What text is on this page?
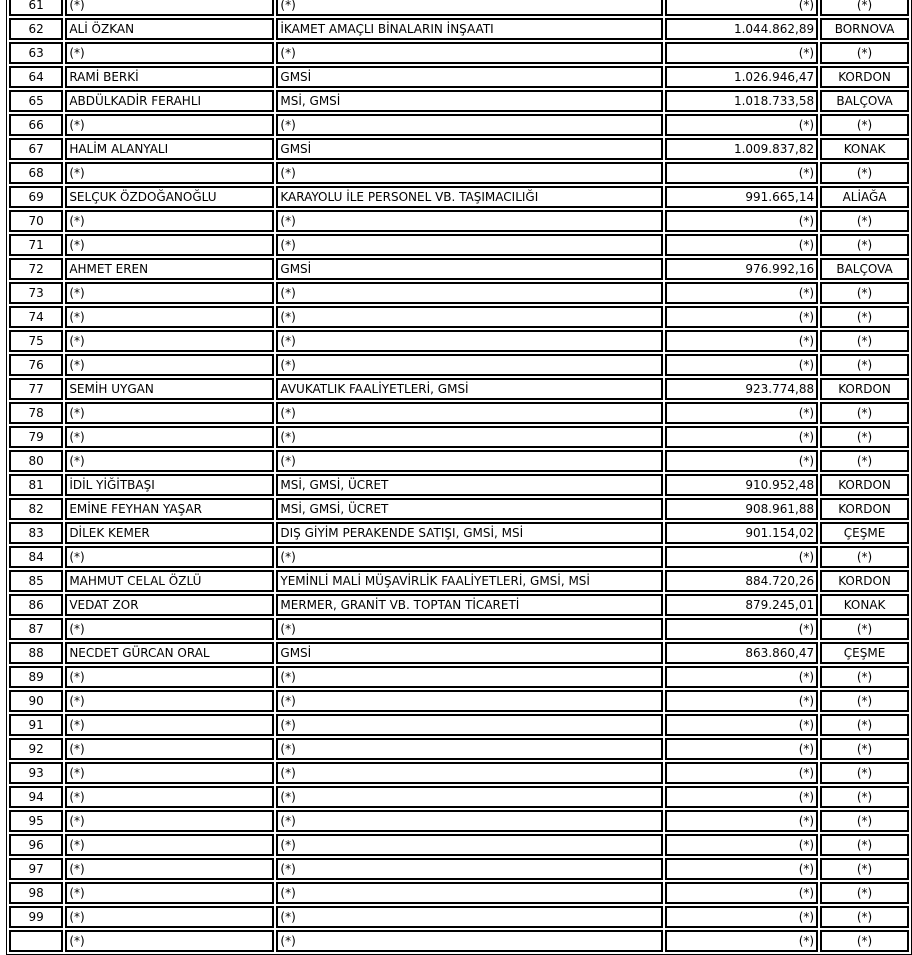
61	(*)	(*)	(*)	(*)
62	ALİ ÖZKAN	İKAMET AMAÇLI BİNALARIN İNŞAATI	1.044.862,89	BORNOVA
63	(*)	(*)	(*)	(*)
64	RAMİ BERKİ	GMSİ	1.026.946,47	KORDON
65	ABDÜLKADİR FERAHLI	MSİ, GMSİ	1.018.733,58	BALÇOVA
66	(*)	(*)	(*)	(*)
67	HALİM ALANYALI	GMSİ	1.009.837,82	KONAK
68	(*)	(*)	(*)	(*)
69	SELÇUK ÖZDOĞANOĞLU	KARAYOLU İLE PERSONEL VB. TAŞIMACILIĞI	991.665,14	ALİAĞA
70	(*)	(*)	(*)	(*)
71	(*)	(*)	(*)	(*)
72	AHMET EREN	GMSİ	976.992,16	BALÇOVA
73	(*)	(*)	(*)	(*)
74	(*)	(*)	(*)	(*)
75	(*)	(*)	(*)	(*)
76	(*)	(*)	(*)	(*)
77	SEMİH UYGAN	AVUKATLIK FAALİYETLERİ, GMSİ	923.774,88	KORDON
78	(*)	(*)	(*)	(*)
79	(*)	(*)	(*)	(*)
80	(*)	(*)	(*)	(*)
81	İDİL YİĞİTBAŞI	MSİ, GMSİ, ÜCRET	910.952,48	KORDON
82	EMİNE FEYHAN YAŞAR	MSİ, GMSİ, ÜCRET	908.961,88	KORDON
83	DİLEK KEMER	DIŞ GİYİM PERAKENDE SATIŞI, GMSİ, MSİ	901.154,02	ÇEŞME
84	(*)	(*)	(*)	(*)
85	MAHMUT CELAL ÖZLÜ	YEMİNLİ MALİ MÜŞAVİRLİK FAALİYETLERİ, GMSİ, MSİ	884.720,26	KORDON
86	VEDAT ZOR	MERMER, GRANİT VB. TOPTAN TİCARETİ	879.245,01	KONAK
87	(*)	(*)	(*)	(*)
88	NECDET GÜRCAN ORAL	GMSİ	863.860,47	ÇEŞME
89	(*)	(*)	(*)	(*)
90	(*)	(*)	(*)	(*)
91	(*)	(*)	(*)	(*)
92	(*)	(*)	(*)	(*)
93	(*)	(*)	(*)	(*)
94	(*)	(*)	(*)	(*)
95	(*)	(*)	(*)	(*)
96	(*)	(*)	(*)	(*)
97	(*)	(*)	(*)	(*)
98	(*)	(*)	(*)	(*)
99	(*)	(*)	(*)	(*)
	(*)	(*)	(*)	(*)
